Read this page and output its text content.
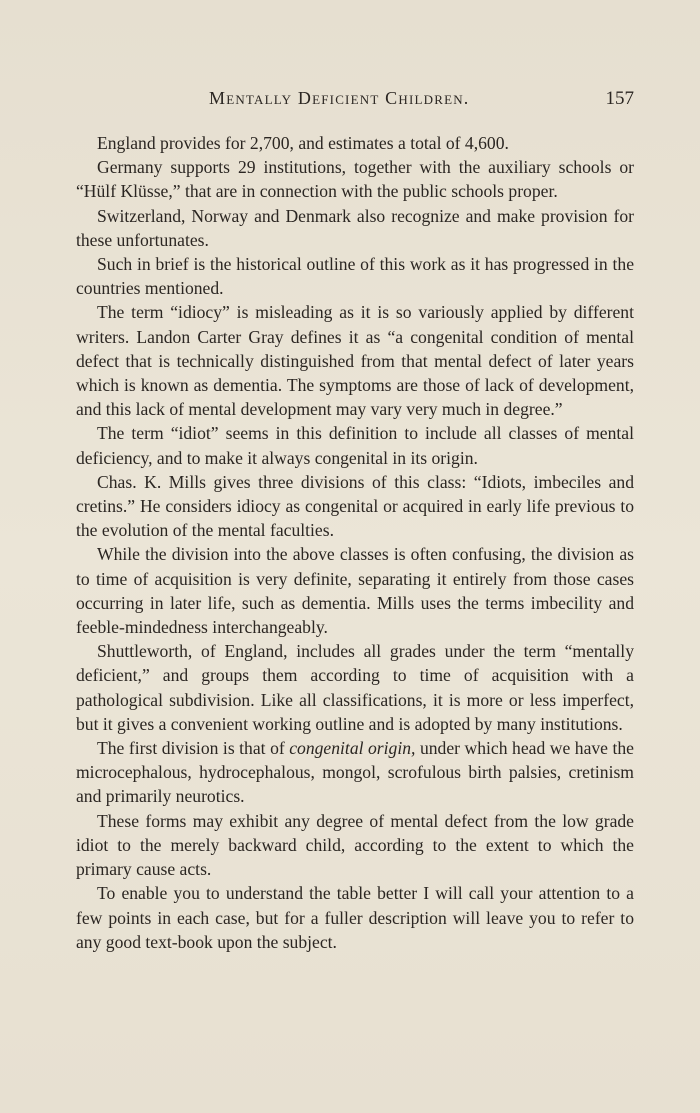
Mentally Deficient Children.	157

England provides for 2,700, and estimates a total of 4,600.

Germany supports 29 institutions, together with the auxiliary schools or “Hülf Klüsse,” that are in connection with the public schools proper.

Switzerland, Norway and Denmark also recognize and make provision for these unfortunates.

Such in brief is the historical outline of this work as it has progressed in the countries mentioned.

The term “idiocy” is misleading as it is so variously applied by different writers. Landon Carter Gray defines it as “a congenital condition of mental defect that is technically distinguished from that mental defect of later years which is known as dementia. The symptoms are those of lack of development, and this lack of mental development may vary very much in degree.”

The term “idiot” seems in this definition to include all classes of mental deficiency, and to make it always congenital in its origin.

Chas. K. Mills gives three divisions of this class: “Idiots, imbeciles and cretins.” He considers idiocy as congenital or acquired in early life previous to the evolution of the mental faculties.

While the division into the above classes is often confusing, the division as to time of acquisition is very definite, separating it entirely from those cases occurring in later life, such as dementia. Mills uses the terms imbecility and feeble-mindedness interchangeably.

Shuttleworth, of England, includes all grades under the term “mentally deficient,” and groups them according to time of acquisition with a pathological subdivision. Like all classifications, it is more or less imperfect, but it gives a convenient working outline and is adopted by many institutions.

The first division is that of congenital origin, under which head we have the microcephalous, hydrocephalous, mongol, scrofulous birth palsies, cretinism and primarily neurotics.

These forms may exhibit any degree of mental defect from the low grade idiot to the merely backward child, according to the extent to which the primary cause acts.

To enable you to understand the table better I will call your attention to a few points in each case, but for a fuller description will leave you to refer to any good text-book upon the subject.
